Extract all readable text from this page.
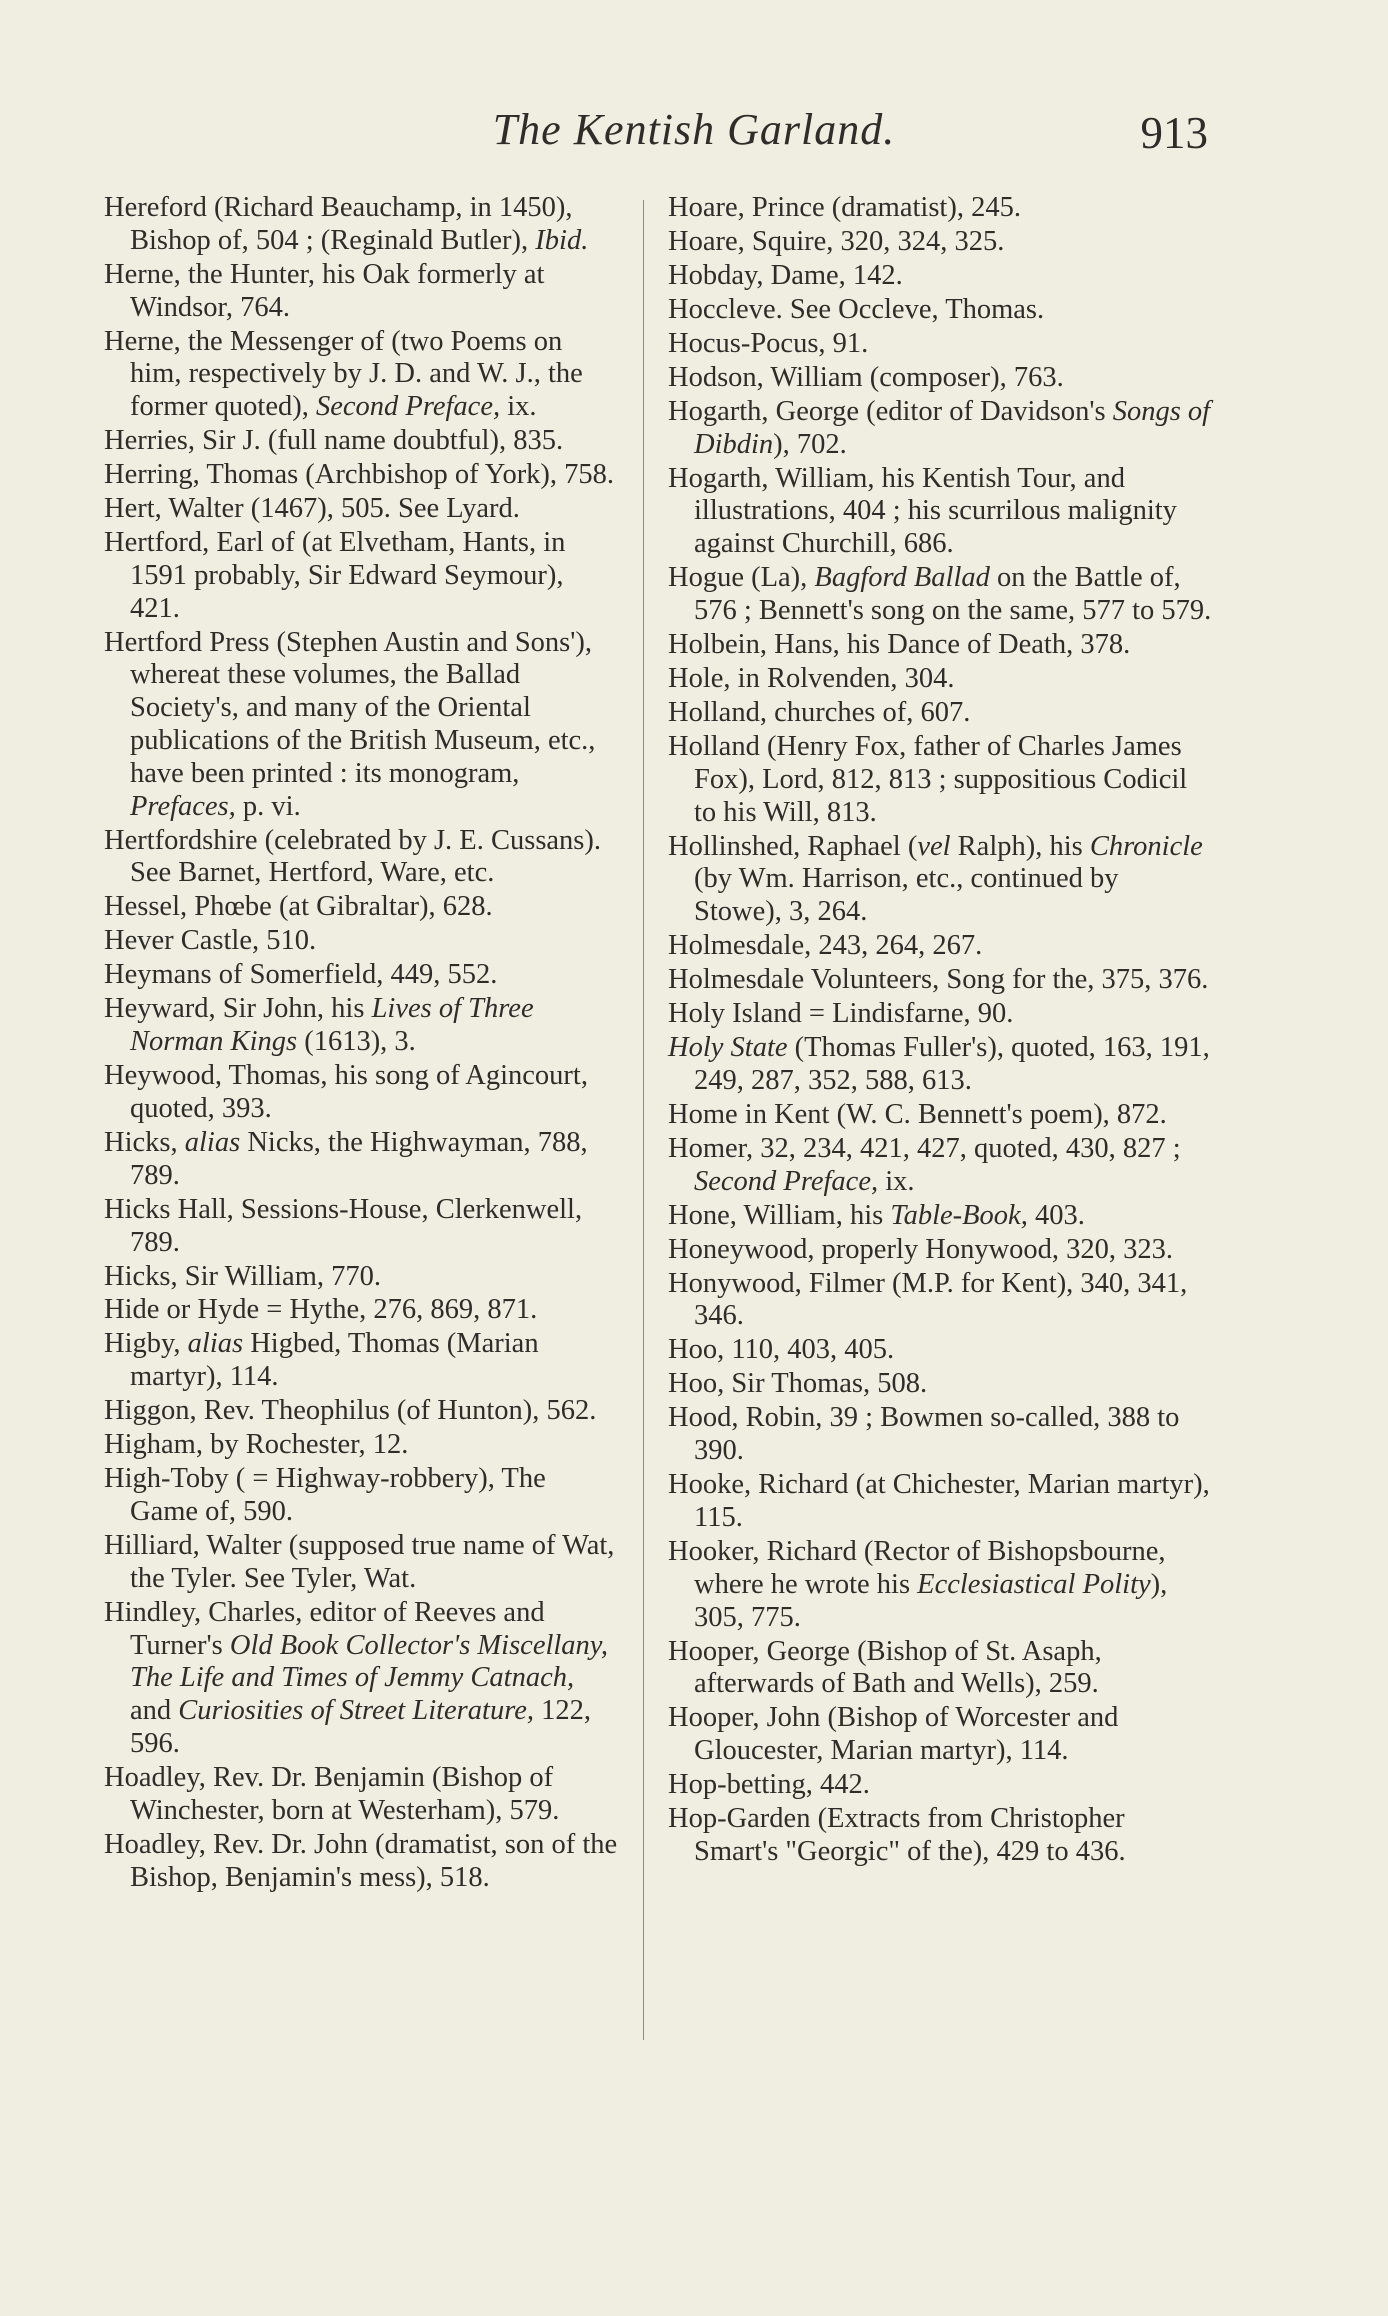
The Kentish Garland.	913
Hereford (Richard Beauchamp, in 1450), Bishop of, 504 ; (Reginald Butler), Ibid.
Herne, the Hunter, his Oak formerly at Windsor, 764.
Herne, the Messenger of (two Poems on him, respectively by J. D. and W. J., the former quoted), Second Preface, ix.
Herries, Sir J. (full name doubtful), 835.
Herring, Thomas (Archbishop of York), 758.
Hert, Walter (1467), 505. See Lyard.
Hertford, Earl of (at Elvetham, Hants, in 1591 probably, Sir Edward Seymour), 421.
Hertford Press (Stephen Austin and Sons'), whereat these volumes, the Ballad Society's, and many of the Oriental publications of the British Museum, etc., have been printed : its monogram, Prefaces, p. vi.
Hertfordshire (celebrated by J. E. Cussans). See Barnet, Hertford, Ware, etc.
Hessel, Phœbe (at Gibraltar), 628.
Hever Castle, 510.
Heymans of Somerfield, 449, 552.
Heyward, Sir John, his Lives of Three Norman Kings (1613), 3.
Heywood, Thomas, his song of Agincourt, quoted, 393.
Hicks, alias Nicks, the Highwayman, 788, 789.
Hicks Hall, Sessions-House, Clerkenwell, 789.
Hicks, Sir William, 770.
Hide or Hyde = Hythe, 276, 869, 871.
Higby, alias Higbed, Thomas (Marian martyr), 114.
Higgon, Rev. Theophilus (of Hunton), 562.
Higham, by Rochester, 12.
High-Toby ( = Highway-robbery), The Game of, 590.
Hilliard, Walter (supposed true name of Wat, the Tyler. See Tyler, Wat.
Hindley, Charles, editor of Reeves and Turner's Old Book Collector's Miscellany, The Life and Times of Jemmy Catnach, and Curiosities of Street Literature, 122, 596.
Hoadley, Rev. Dr. Benjamin (Bishop of Winchester, born at Westerham), 579.
Hoadley, Rev. Dr. John (dramatist, son of the Bishop, Benjamin's mess), 518.
Hoare, Prince (dramatist), 245.
Hoare, Squire, 320, 324, 325.
Hobday, Dame, 142.
Hoccleve. See Occleve, Thomas.
Hocus-Pocus, 91.
Hodson, William (composer), 763.
Hogarth, George (editor of Davidson's Songs of Dibdin), 702.
Hogarth, William, his Kentish Tour, and illustrations, 404 ; his scurrilous malignity against Churchill, 686.
Hogue (La), Bagford Ballad on the Battle of, 576 ; Bennett's song on the same, 577 to 579.
Holbein, Hans, his Dance of Death, 378.
Hole, in Rolvenden, 304.
Holland, churches of, 607.
Holland (Henry Fox, father of Charles James Fox), Lord, 812, 813 ; suppositious Codicil to his Will, 813.
Hollinshed, Raphael (vel Ralph), his Chronicle (by Wm. Harrison, etc., continued by Stowe), 3, 264.
Holmesdale, 243, 264, 267.
Holmesdale Volunteers, Song for the, 375, 376.
Holy Island = Lindisfarne, 90.
Holy State (Thomas Fuller's), quoted, 163, 191, 249, 287, 352, 588, 613.
Home in Kent (W. C. Bennett's poem), 872.
Homer, 32, 234, 421, 427, quoted, 430, 827 ; Second Preface, ix.
Hone, William, his Table-Book, 403.
Honeywood, properly Honywood, 320, 323.
Honywood, Filmer (M.P. for Kent), 340, 341, 346.
Hoo, 110, 403, 405.
Hoo, Sir Thomas, 508.
Hood, Robin, 39 ; Bowmen so-called, 388 to 390.
Hooke, Richard (at Chichester, Marian martyr), 115.
Hooker, Richard (Rector of Bishopsbourne, where he wrote his Ecclesiastical Polity), 305, 775.
Hooper, George (Bishop of St. Asaph, afterwards of Bath and Wells), 259.
Hooper, John (Bishop of Worcester and Gloucester, Marian martyr), 114.
Hop-betting, 442.
Hop-Garden (Extracts from Christopher Smart's "Georgic" of the), 429 to 436.
